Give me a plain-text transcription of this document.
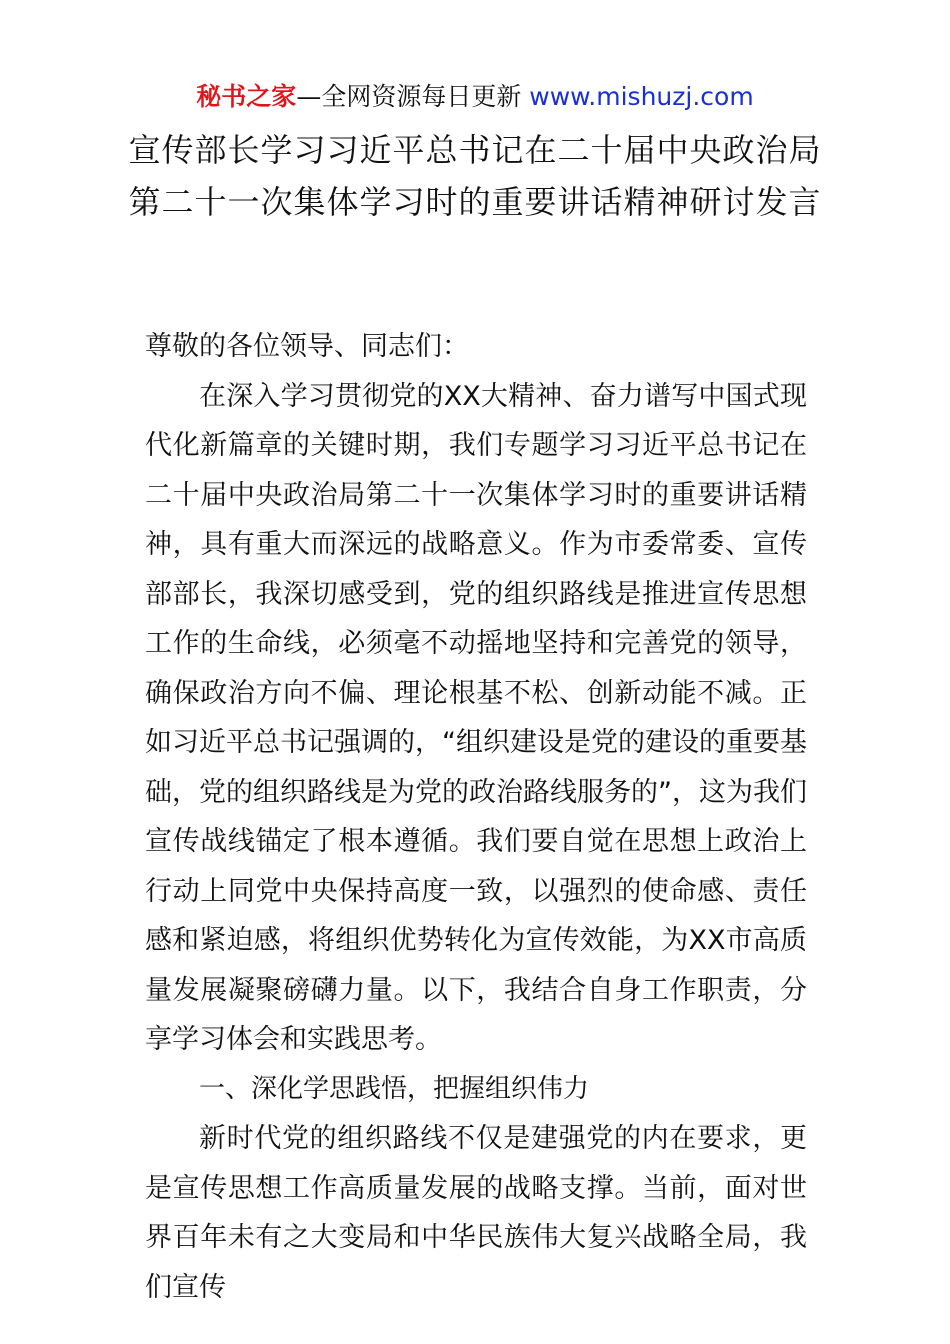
秘书之家—全网资源每日更新 www.mishuzj.com
宣传部长学习习近平总书记在二十届中央政治局第二十一次集体学习时的重要讲话精神研讨发言

尊敬的各位领导、同志们：

在深入学习贯彻党的XX大精神、奋力谱写中国式现代化新篇章的关键时期，我们专题学习习近平总书记在二十届中央政治局第二十一次集体学习时的重要讲话精神，具有重大而深远的战略意义。作为市委常委、宣传部部长，我深切感受到，党的组织路线是推进宣传思想工作的生命线，必须毫不动摇地坚持和完善党的领导，确保政治方向不偏、理论根基不松、创新动能不减。正如习近平总书记强调的，“组织建设是党的建设的重要基础，党的组织路线是为党的政治路线服务的”，这为我们宣传战线锚定了根本遵循。我们要自觉在思想上政治上行动上同党中央保持高度一致，以强烈的使命感、责任感和紧迫感，将组织优势转化为宣传效能，为XX市高质量发展凝聚磅礴力量。以下，我结合自身工作职责，分享学习体会和实践思考。

一、深化学思践悟，把握组织伟力

新时代党的组织路线不仅是建强党的内在要求，更是宣传思想工作高质量发展的战略支撑。当前，面对世界百年未有之大变局和中华民族伟大复兴战略全局，我们宣传
